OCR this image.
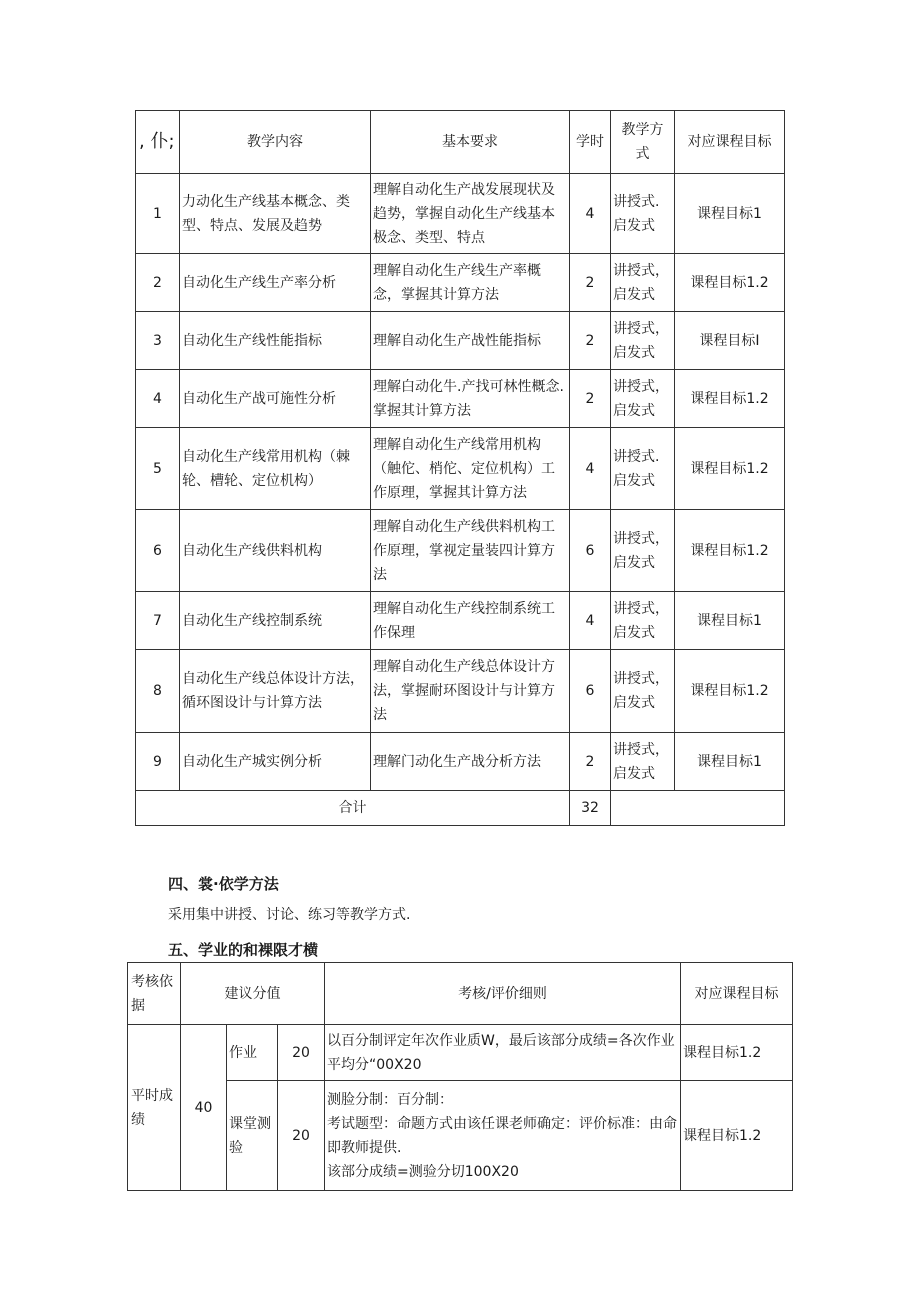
, 仆;	教学内容	基本要求	学时	教学方式	对应课程目标
1	力动化生产线基本概念、类型、特点、发展及趋势	理解自动化生产战发展现状及趋势，掌握自动化生产线基本极念、类型、特点	4	讲授式.启发式	课程目标1
2	自动化生产线生产率分析	理解自动化生产线生产率概念，掌握其计算方法	2	讲授式，启发式	课程目标1.2
3	自动化生产线性能指标	理解自动化生产战性能指标	2	讲授式，启发式	课程目标I
4	自动化生产战可施性分析	理解白动化牛.产找可林性概念.掌握其计算方法	2	讲授式，启发式	课程目标1.2
5	自动化生产线常用机构（棘轮、槽轮、定位机构）	理解自动化生产线常用机构（触佗、梢佗、定位机构）工作原理，掌握其计算方法	4	讲授式.启发式	课程目标1.2
6	自动化生产线供料机构	理解自动化生产线供料机构工作原理，掌视定量装四计算方法	6	讲授式，启发式	课程目标1.2
7	自动化生产线控制系统	理解自动化生产线控制系统工作保理	4	讲授式，启发式	课程目标1
8	自动化生产线总体设计方法，循环图设计与计算方法	理解自动化生产线总体设计方法，掌握耐环图设计与计算方法	6	讲授式，启发式	课程目标1.2
9	自动化生产城实例分析	理解门动化生产战分析方法	2	讲授式，启发式	课程目标1
合计			32		
四、裳·依学方法
采用集中讲授、讨论、练习等教学方式.
五、学业的和裸限才横
考核依据	建议分值			考核/评价细则	对应课程目标
平时成绩	40	作业	20	以百分制评定年次作业质W，最后该部分成绩=各次作业平均分“00X20	课程目标1.2
		课堂测验	20	测脸分制：百分制：
考试题型：命题方式由该任课老师确定：评价标准：由命即教师提供.
该部分成绩=测验分切100X20	课程目标1.2
